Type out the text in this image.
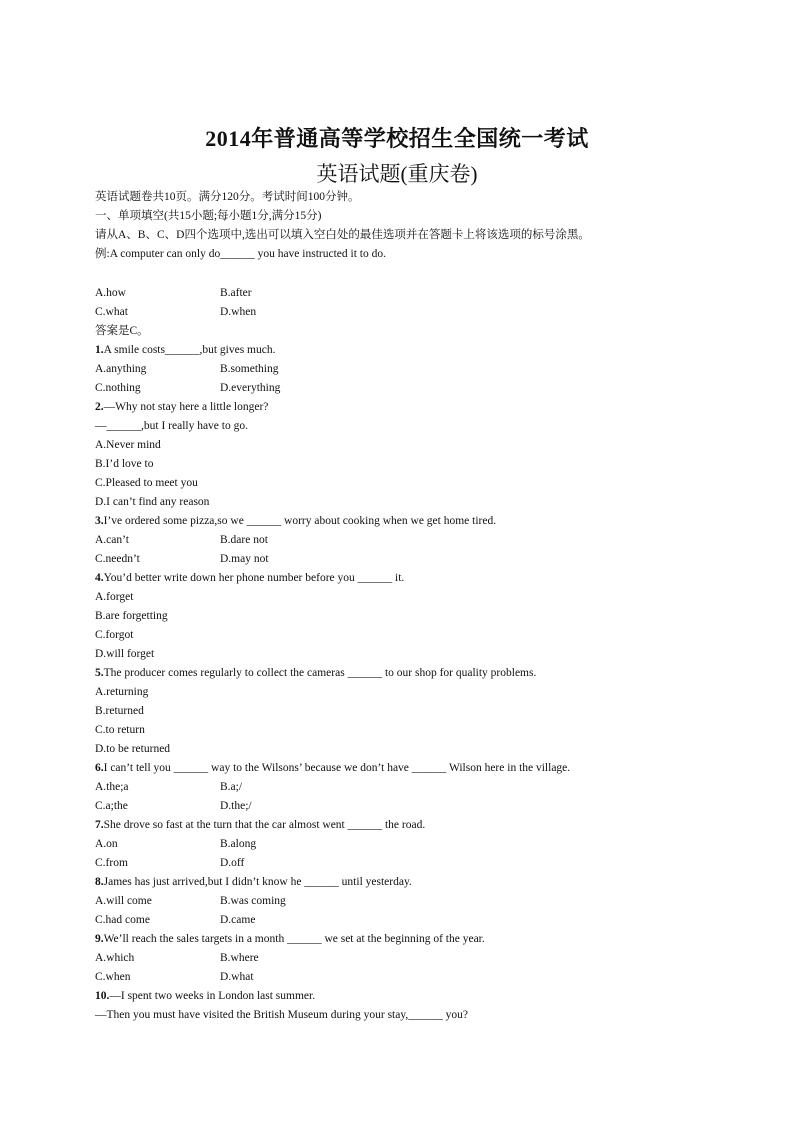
2014年普通高等学校招生全国统一考试
英语试题(重庆卷)
英语试题卷共10页。满分120分。考试时间100分钟。
一、单项填空(共15小题;每小题1分,满分15分)
请从A、B、C、D四个选项中,选出可以填入空白处的最佳选项并在答题卡上将该选项的标号涂黑。
例:A computer can only do______ you have instructed it to do.
A.how	B.after
C.what	D.when
答案是C。
1.A smile costs______,but gives much.
A.anything	B.something
C.nothing	D.everything
2.—Why not stay here a little longer?
—______,but I really have to go.
A.Never mind
B.I’d love to
C.Pleased to meet you
D.I can’t find any reason
3.I’ve ordered some pizza,so we ______ worry about cooking when we get home tired.
A.can’t	B.dare not
C.needn’t	D.may not
4.You’d better write down her phone number before you ______ it.
A.forget
B.are forgetting
C.forgot
D.will forget
5.The producer comes regularly to collect the cameras ______ to our shop for quality problems.
A.returning
B.returned
C.to return
D.to be returned
6.I can’t tell you ______ way to the Wilsons’ because we don’t have ______ Wilson here in the village.
A.the;a	B.a;/
C.a;the	D.the;/
7.She drove so fast at the turn that the car almost went ______ the road.
A.on	B.along
C.from	D.off
8.James has just arrived,but I didn’t know he ______ until yesterday.
A.will come	B.was coming
C.had come	D.came
9.We’ll reach the sales targets in a month ______ we set at the beginning of the year.
A.which	B.where
C.when	D.what
10.—I spent two weeks in London last summer.
—Then you must have visited the British Museum during your stay,______ you?
